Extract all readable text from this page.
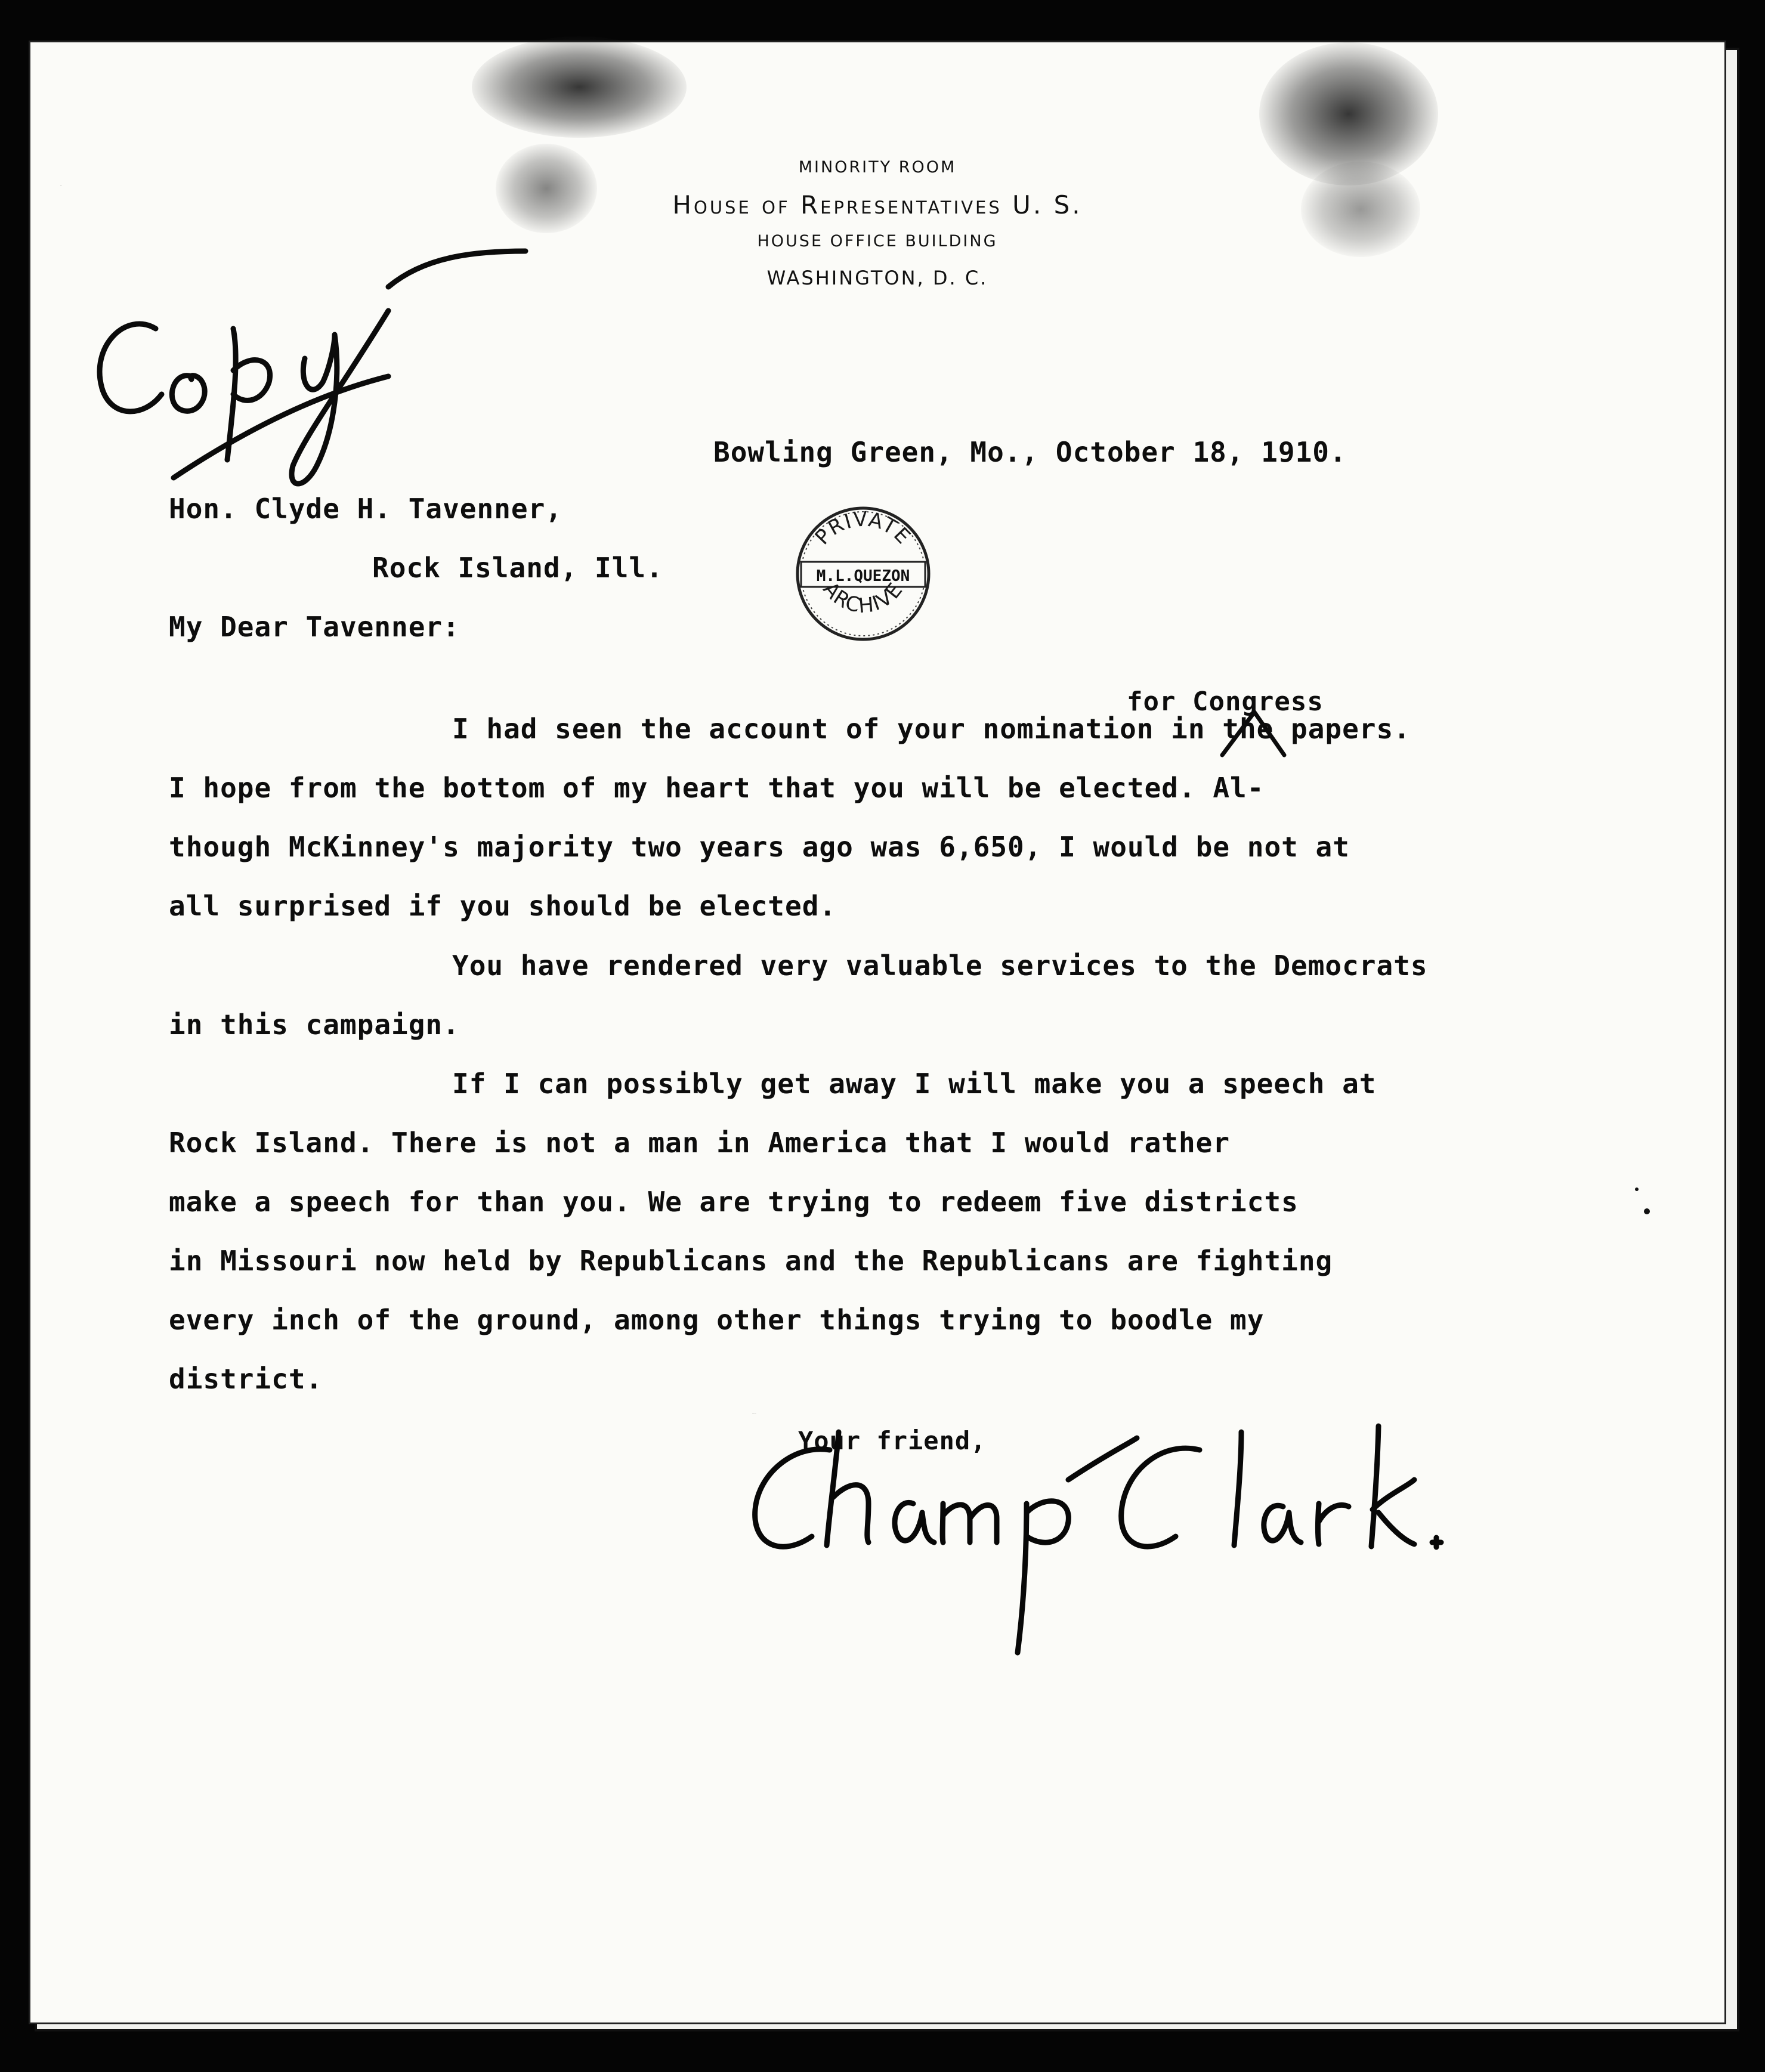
MINORITY ROOM
House of Representatives U. S.
HOUSE OFFICE BUILDING
WASHINGTON, D. C.
Bowling Green, Mo., October 18, 1910.
Hon. Clyde H. Tavenner,
Rock Island, Ill.
My Dear Tavenner:
PRIVATE
M.L.QUEZON
ARCHIVE
for Congress
I had seen the account of your nomination in the papers.
I hope from the bottom of my heart that you will be elected. Al-
though McKinney's majority two years ago was 6,650, I would be not at
all surprised if you should be elected.
You have rendered very valuable services to the Democrats
in this campaign.
If I can possibly get away I will make you a speech at
Rock Island. There is not a man in America that I would rather
make a speech for than you. We are trying to redeem five districts
in Missouri now held by Republicans and the Republicans are fighting
every inch of the ground, among other things trying to boodle my
district.
Your friend,
